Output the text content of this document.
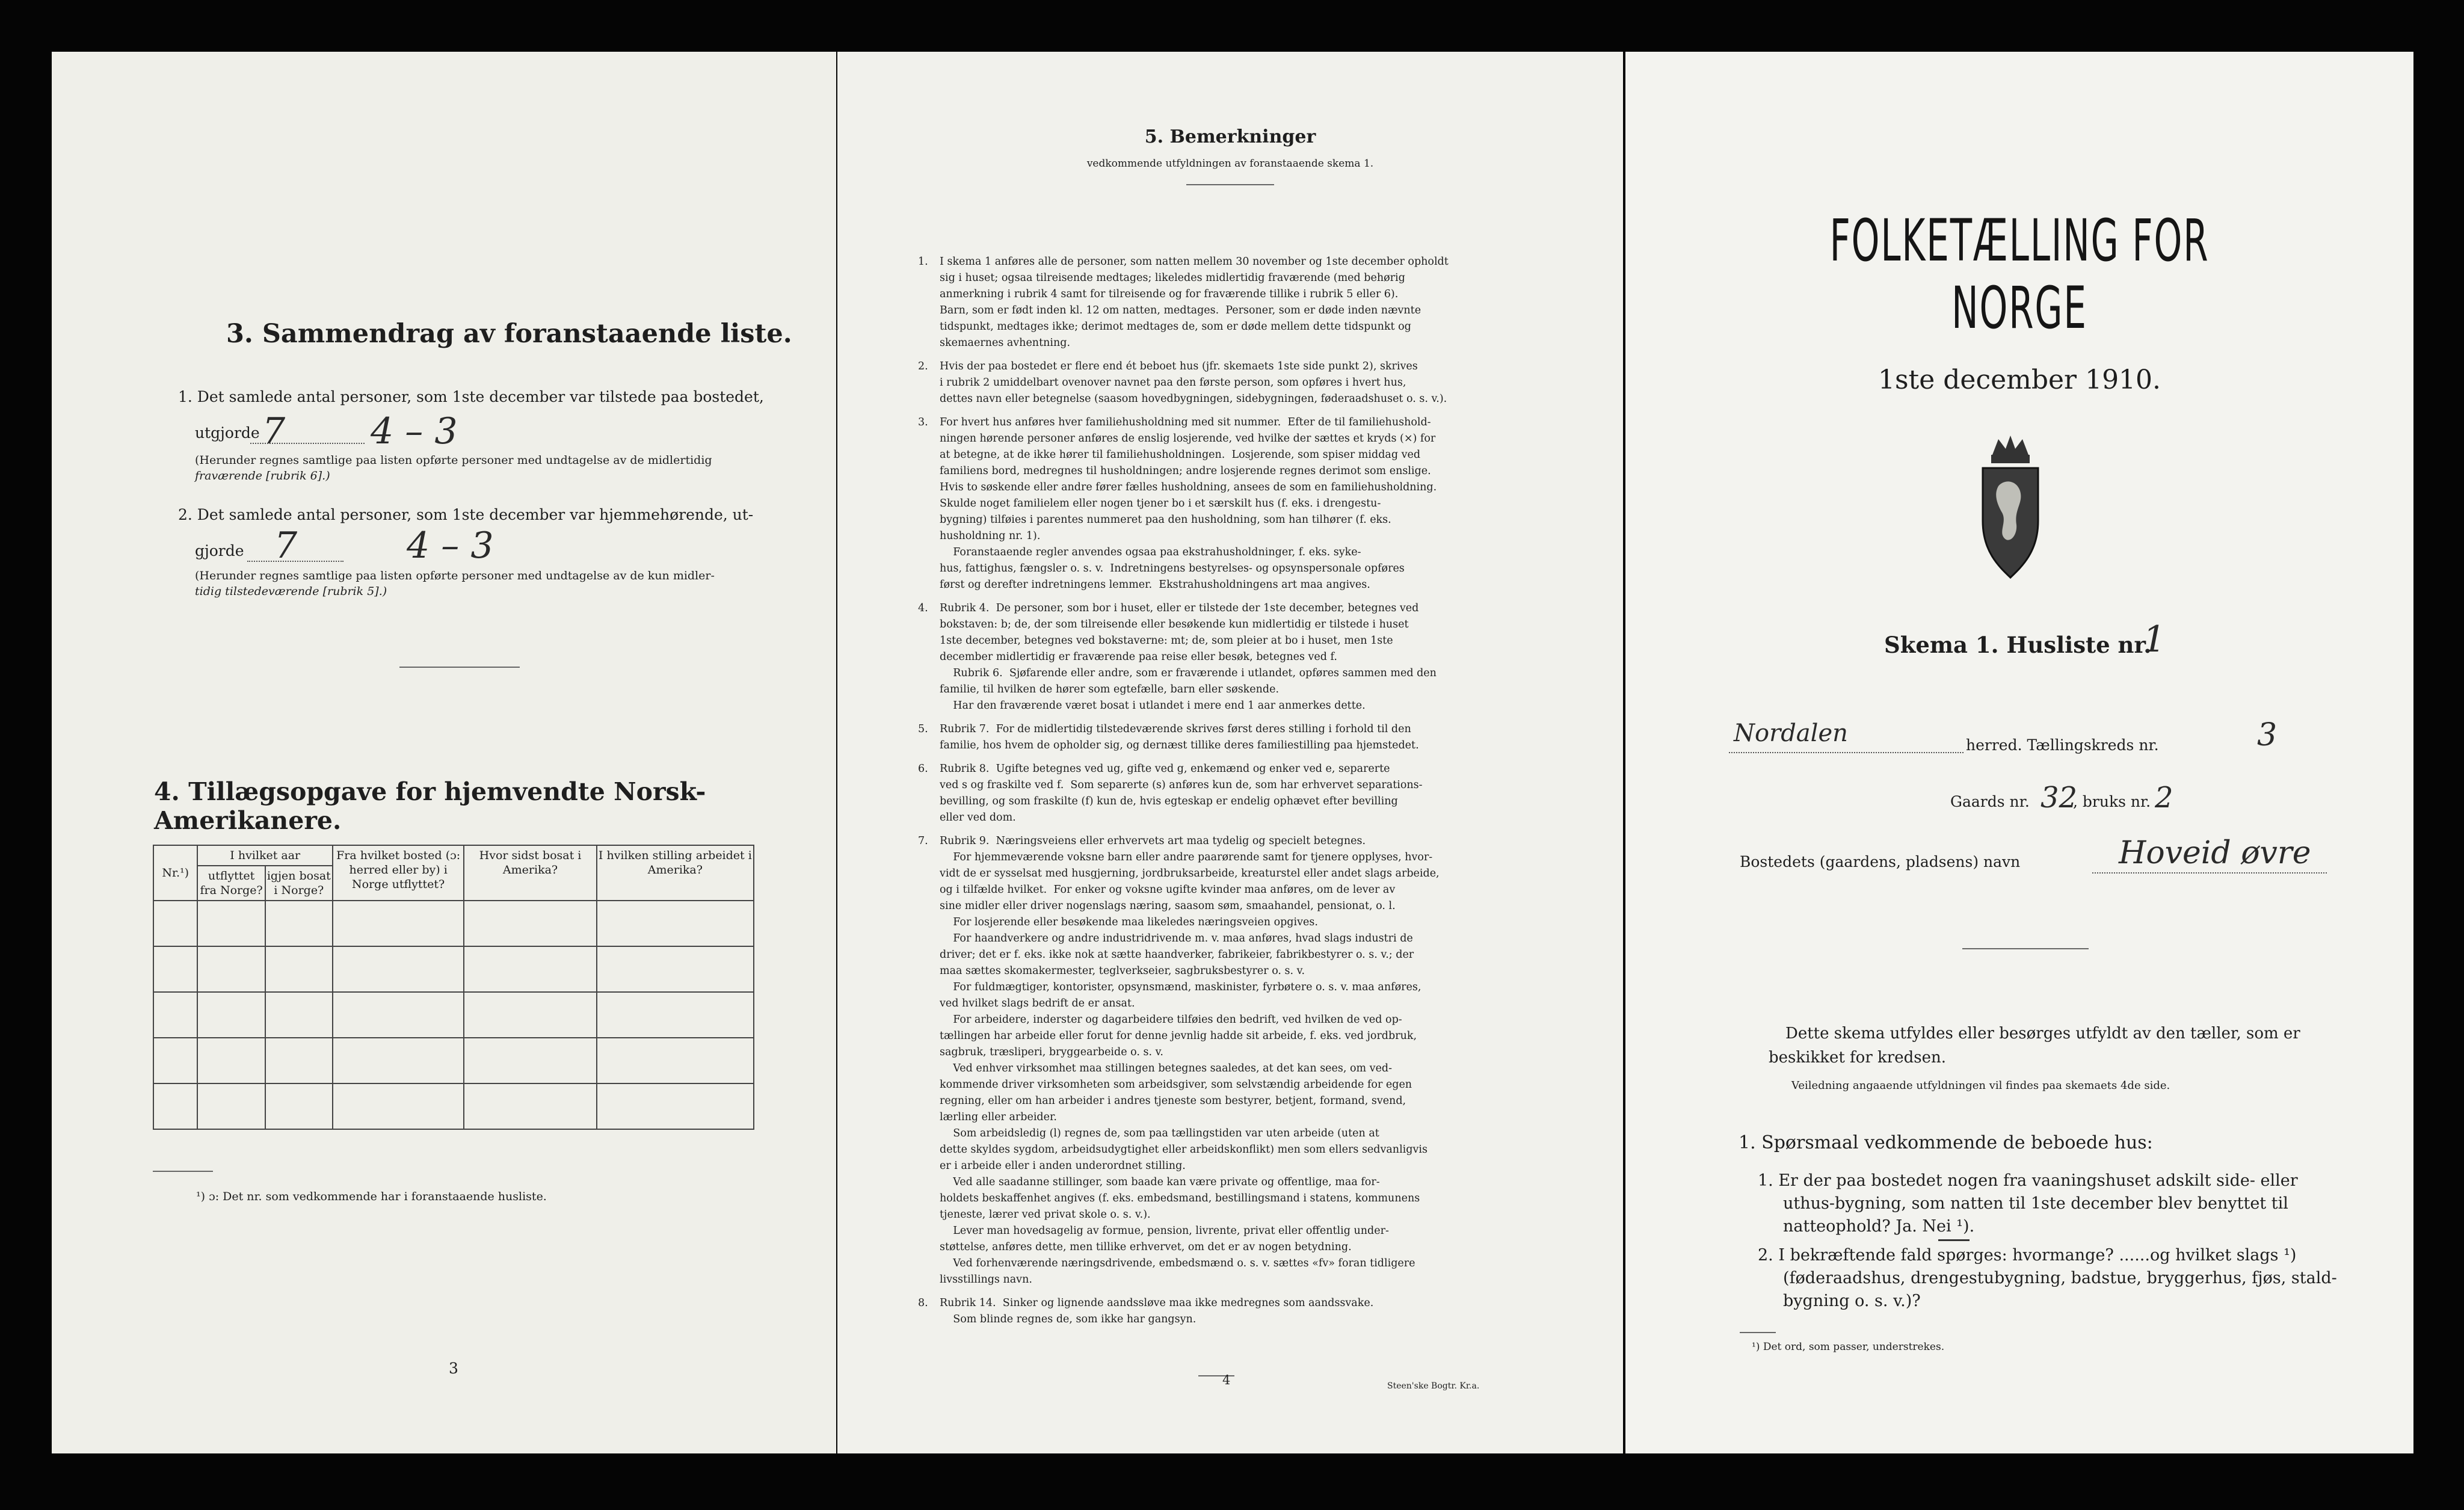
3. Sammendrag av foranstaaende liste.
1. Det samlede antal personer, som 1ste december var tilstede paa bostedet,
utgjorde 7 4 – 3
(Herunder regnes samtlige paa listen opførte personer med undtagelse av de midlertidig
fraværende [rubrik 6].)
2. Det samlede antal personer, som 1ste december var hjemmehørende, ut-
gjorde 7	4 – 3
(Herunder regnes samtlige paa listen opførte personer med undtagelse av de kun midler-
tidig tilstedeværende [rubrik 5].)
4. Tillægsopgave for hjemvendte Norsk-Amerikanere.
Nr.¹)	I hvilket aar		Fra hvilket bosted (ɔ: herred eller by) i Norge utflyttet?	Hvor sidst bosat i Amerika?	I hvilken stilling arbeidet i Amerika?
	utflyttet fra Norge?	igjen bosat i Norge?			

¹) ɔ: Det nr. som vedkommende har i foranstaaende husliste.
3
5. Bemerkninger
vedkommende utfyldningen av foranstaaende skema 1.
1. I skema 1 anføres alle de personer, som natten mellem 30 november og 1ste december opholdt
sig i huset; ogsaa tilreisende medtages; likeledes midlertidig fraværende (med behørig
anmerkning i rubrik 4 samt for tilreisende og for fraværende tillike i rubrik 5 eller 6).
Barn, som er født inden kl. 12 om natten, medtages.  Personer, som er døde inden nævnte
tidspunkt, medtages ikke; derimot medtages de, som er døde mellem dette tidspunkt og
skemaernes avhentning.
2. Hvis der paa bostedet er flere end ét beboet hus (jfr. skemaets 1ste side punkt 2), skrives
i rubrik 2 umiddelbart ovenover navnet paa den første person, som opføres i hvert hus,
dettes navn eller betegnelse (saasom hovedbygningen, sidebygningen, føderaadshuset o. s. v.).
3. For hvert hus anføres hver familiehusholdning med sit nummer.  Efter de til familiehushold-
ningen hørende personer anføres de enslig losjerende, ved hvilke der sættes et kryds (×) for
at betegne, at de ikke hører til familiehusholdningen.  Losjerende, som spiser middag ved
familiens bord, medregnes til husholdningen; andre losjerende regnes derimot som enslige.
Hvis to søskende eller andre fører fælles husholdning, ansees de som en familiehusholdning.
Skulde noget familielem eller nogen tjener bo i et særskilt hus (f. eks. i drengestu-
bygning) tilføies i parentes nummeret paa den husholdning, som han tilhører (f. eks.
husholdning nr. 1).
Foranstaaende regler anvendes ogsaa paa ekstrahusholdninger, f. eks. syke-
hus, fattighus, fængsler o. s. v.  Indretningens bestyrelses- og opsynspersonale opføres
først og derefter indretningens lemmer.  Ekstrahusholdningens art maa angives.
4. Rubrik 4.  De personer, som bor i huset, eller er tilstede der 1ste december, betegnes ved
bokstaven: b; de, der som tilreisende eller besøkende kun midlertidig er tilstede i huset
1ste december, betegnes ved bokstaverne: mt; de, som pleier at bo i huset, men 1ste
december midlertidig er fraværende paa reise eller besøk, betegnes ved f.
Rubrik 6.  Sjøfarende eller andre, som er fraværende i utlandet, opføres sammen med den
familie, til hvilken de hører som egtefælle, barn eller søskende.
Har den fraværende været bosat i utlandet i mere end 1 aar anmerkes dette.
5. Rubrik 7.  For de midlertidig tilstedeværende skrives først deres stilling i forhold til den
familie, hos hvem de opholder sig, og dernæst tillike deres familiestilling paa hjemstedet.
6. Rubrik 8.  Ugifte betegnes ved ug, gifte ved g, enkemænd og enker ved e, separerte
ved s og fraskilte ved f.  Som separerte (s) anføres kun de, som har erhvervet separations-
bevilling, og som fraskilte (f) kun de, hvis egteskap er endelig ophævet efter bevilling
eller ved dom.
7. Rubrik 9.  Næringsveiens eller erhvervets art maa tydelig og specielt betegnes.
For hjemmeværende voksne barn eller andre paarørende samt for tjenere opplyses, hvor-
vidt de er sysselsat med husgjerning, jordbruksarbeide, kreaturstel eller andet slags arbeide,
og i tilfælde hvilket.  For enker og voksne ugifte kvinder maa anføres, om de lever av
sine midler eller driver nogenslags næring, saasom søm, smaahandel, pensionat, o. l.
For losjerende eller besøkende maa likeledes næringsveien opgives.
For haandverkere og andre industridrivende m. v. maa anføres, hvad slags industri de
driver; det er f. eks. ikke nok at sætte haandverker, fabrikeier, fabrikbestyrer o. s. v.; der
maa sættes skomakermester, teglverkseier, sagbruksbestyrer o. s. v.
For fuldmægtiger, kontorister, opsynsmænd, maskinister, fyrbøtere o. s. v. maa anføres,
ved hvilket slags bedrift de er ansat.
For arbeidere, inderster og dagarbeidere tilføies den bedrift, ved hvilken de ved op-
tællingen har arbeide eller forut for denne jevnlig hadde sit arbeide, f. eks. ved jordbruk,
sagbruk, træsliperi, bryggearbeide o. s. v.
Ved enhver virksomhet maa stillingen betegnes saaledes, at det kan sees, om ved-
kommende driver virksomheten som arbeidsgiver, som selvstændig arbeidende for egen
regning, eller om han arbeider i andres tjeneste som bestyrer, betjent, formand, svend,
lærling eller arbeider.
Som arbeidsledig (l) regnes de, som paa tællingstiden var uten arbeide (uten at
dette skyldes sygdom, arbeidsudygtighet eller arbeidskonflikt) men som ellers sedvanligvis
er i arbeide eller i anden underordnet stilling.
Ved alle saadanne stillinger, som baade kan være private og offentlige, maa for-
holdets beskaffenhet angives (f. eks. embedsmand, bestillingsmand i statens, kommunens
tjeneste, lærer ved privat skole o. s. v.).
Lever man hovedsagelig av formue, pension, livrente, privat eller offentlig under-
støttelse, anføres dette, men tillike erhvervet, om det er av nogen betydning.
Ved forhenværende næringsdrivende, embedsmænd o. s. v. sættes «fv» foran tidligere
livsstillings navn.
8. Rubrik 14.  Sinker og lignende aandssløve maa ikke medregnes som aandssvake.
Som blinde regnes de, som ikke har gangsyn.
4	Steen'ske Bogtr. Kr.a.
FOLKETÆLLING FOR NORGE
1ste december 1910.
Skema 1. Husliste nr.
1
Nordalen	herred. Tællingskreds nr.	3
Gaards nr. 32
, bruks nr. 2
Bostedets (gaardens, pladsens) navn	Hoveid øvre
Dette skema utfyldes eller besørges utfyldt av den tæller, som er
beskikket for kredsen.
Veiledning angaaende utfyldningen vil findes paa skemaets 4de side.
1. Spørsmaal vedkommende de beboede hus:
1. Er der paa bostedet nogen fra vaaningshuset adskilt side- eller
uthus-bygning, som natten til 1ste december blev benyttet til
natteophold? Ja. Nei ¹).
2. I bekræftende fald spørges: hvormange? ......og hvilket slags ¹)
(føderaadshus, drengestubygning, badstue, bryggerhus, fjøs, stald-
bygning o. s. v.)?
¹) Det ord, som passer, understrekes.
